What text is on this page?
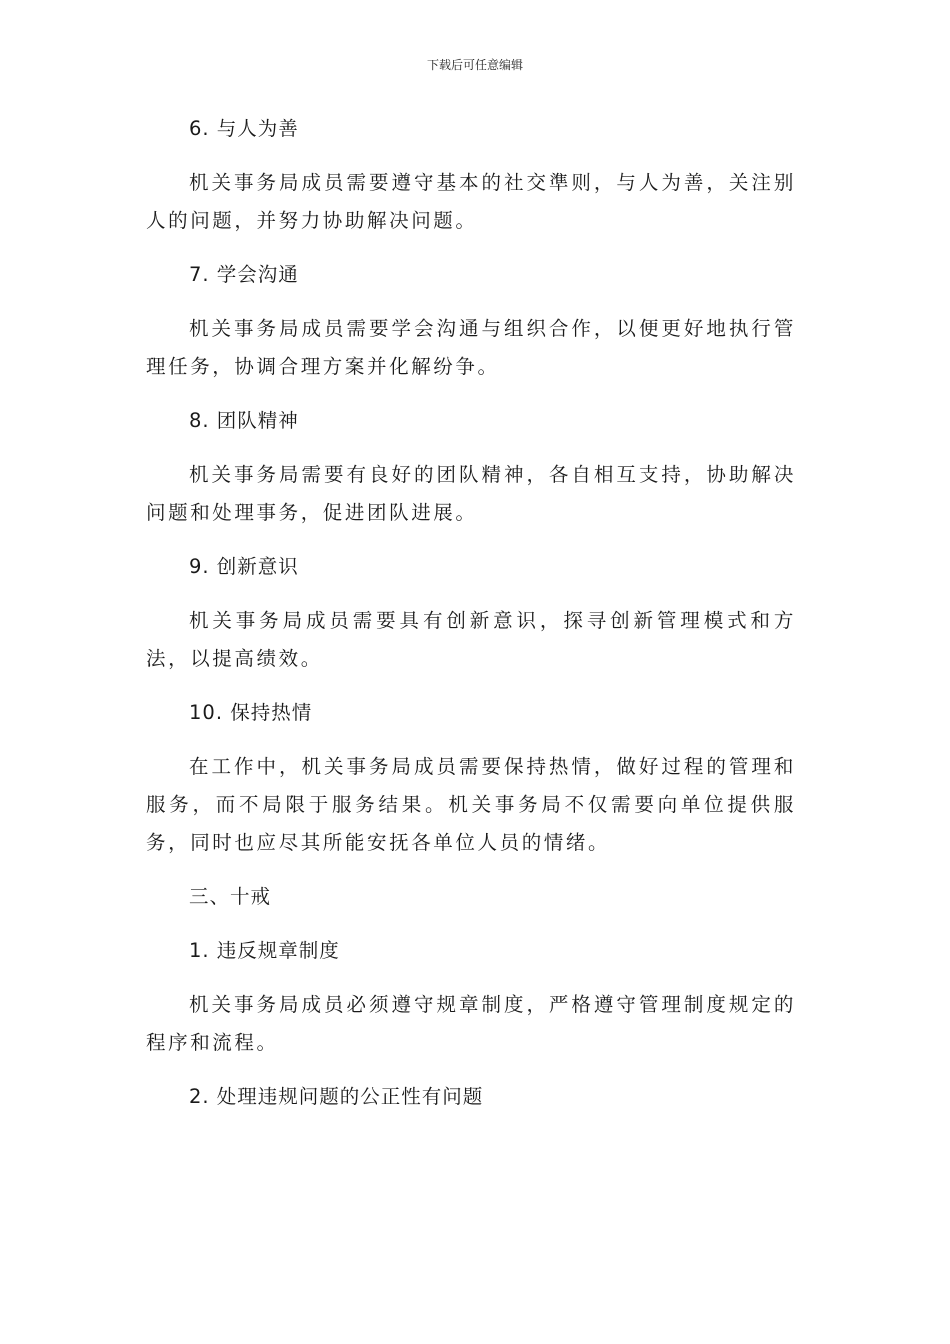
下载后可任意编辑
6. 与人为善

机关事务局成员需要遵守基本的社交準则，与人为善，关注别人的问题，并努力协助解决问题。

7. 学会沟通

机关事务局成员需要学会沟通与组织合作，以便更好地执行管理任务，协调合理方案并化解纷争。

8. 团队精神

机关事务局需要有良好的团队精神，各自相互支持，协助解决问题和处理事务，促进团队进展。

9. 创新意识

机关事务局成员需要具有创新意识，探寻创新管理模式和方法，以提高绩效。

10. 保持热情

在工作中，机关事务局成员需要保持热情，做好过程的管理和服务，而不局限于服务结果。机关事务局不仅需要向单位提供服务，同时也应尽其所能安抚各单位人员的情绪。

三、十戒
1. 违反规章制度

机关事务局成员必须遵守规章制度，严格遵守管理制度规定的程序和流程。

2. 处理违规问题的公正性有问题
